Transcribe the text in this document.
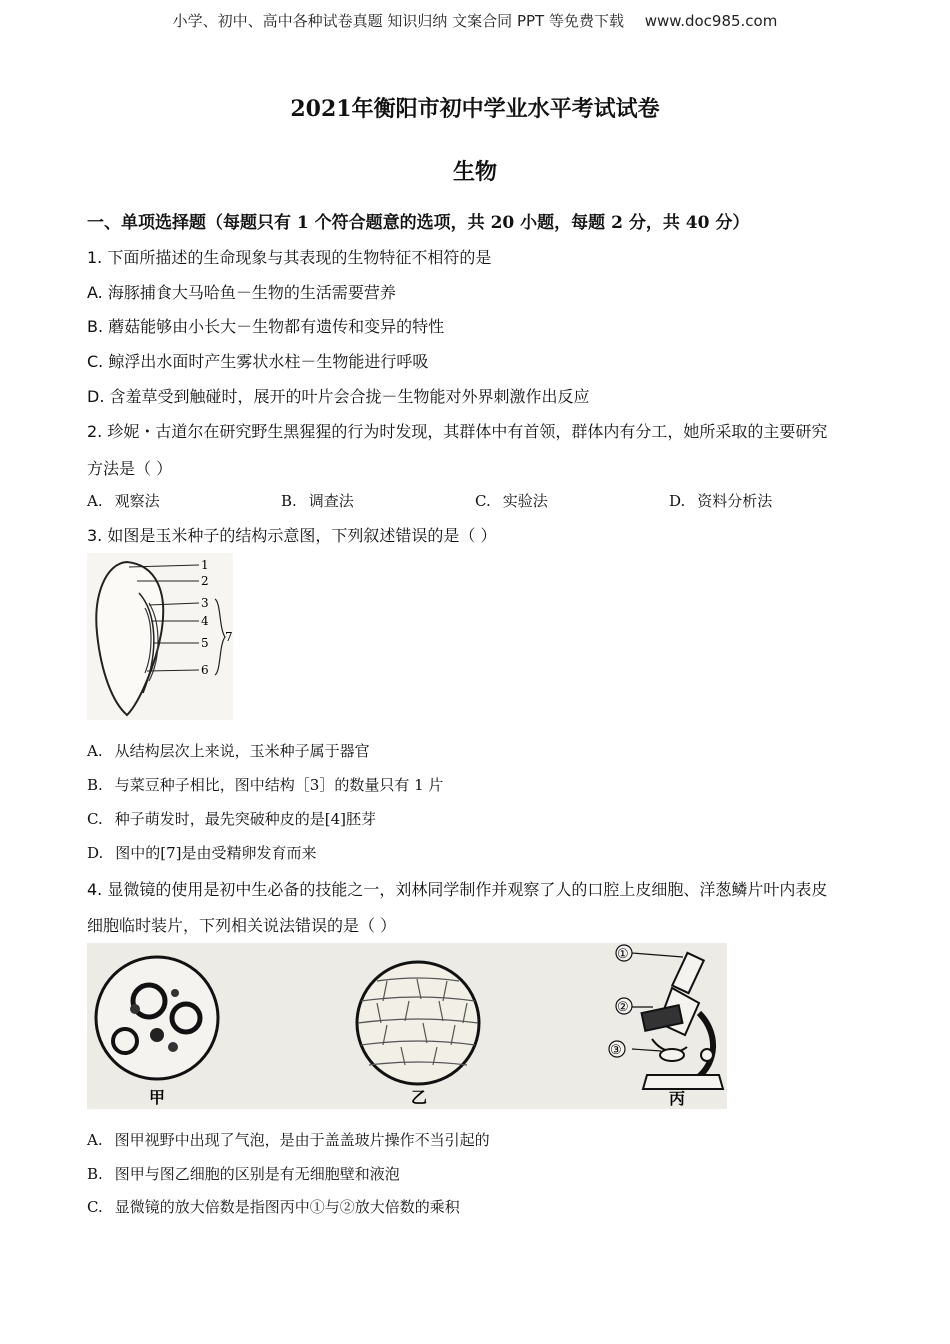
小学、初中、高中各种试卷真题 知识归纳 文案合同 PPT 等免费下载 www.doc985.com
2021年衡阳市初中学业水平考试试卷
生物
一、单项选择题（每题只有 1 个符合题意的选项，共 20 小题，每题 2 分，共 40 分）
1. 下面所描述的生命现象与其表现的生物特征不相符的是
A. 海豚捕食大马哈鱼－生物的生活需要营养
B. 蘑菇能够由小长大－生物都有遗传和变异的特性
C. 鲸浮出水面时产生雾状水柱－生物能进行呼吸
D. 含羞草受到触碰时，展开的叶片会合拢－生物能对外界刺激作出反应
2. 珍妮・古道尔在研究野生黑猩猩的行为时发现，其群体中有首领，群体内有分工，她所采取的主要研究
方法是（ ）
A. 观察法	B. 调查法	C. 实验法	D. 资料分析法
3. 如图是玉米种子的结构示意图，下列叙述错误的是（ ）
1
2
3
4
5
6
7
A. 从结构层次上来说，玉米种子属于器官
B. 与菜豆种子相比，图中结构［3］的数量只有 1 片
C. 种子萌发时，最先突破种皮的是[4]胚芽
D. 图中的[7]是由受精卵发育而来
4. 显微镜的使用是初中生必备的技能之一，刘林同学制作并观察了人的口腔上皮细胞、洋葱鳞片叶内表皮
细胞临时装片，下列相关说法错误的是（ ）
甲	乙
①
②
③
丙
A. 图甲视野中出现了气泡，是由于盖盖玻片操作不当引起的
B. 图甲与图乙细胞的区别是有无细胞壁和液泡
C. 显微镜的放大倍数是指图丙中①与②放大倍数的乘积
